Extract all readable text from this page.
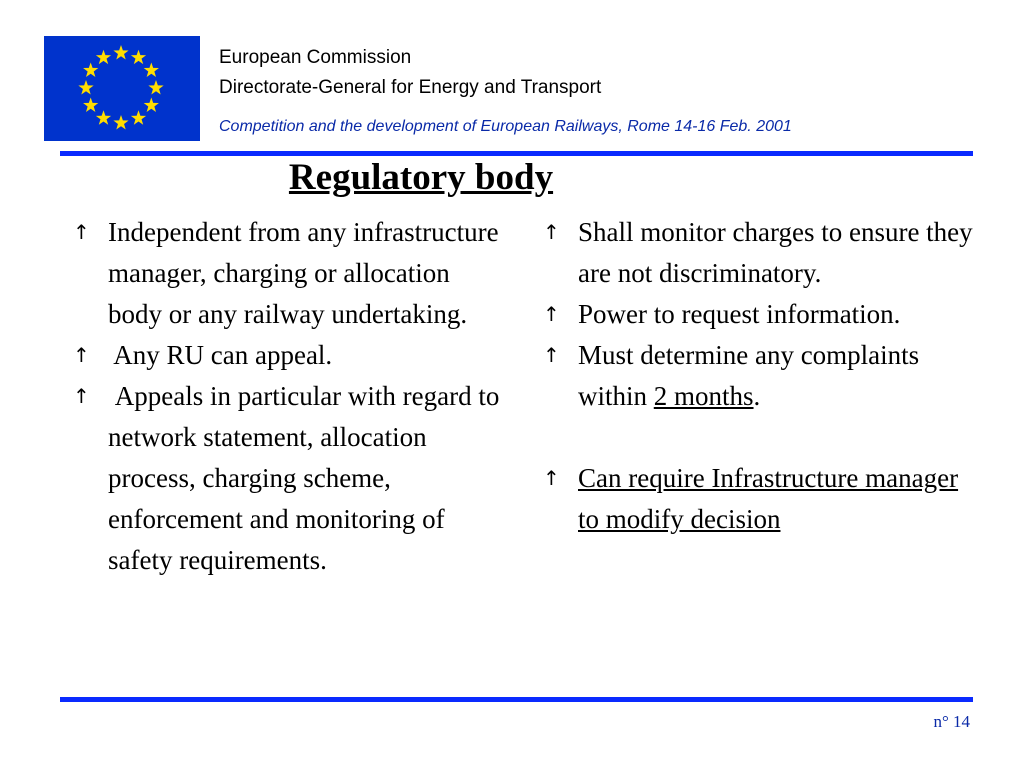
European Commission
Directorate-General for Energy and Transport
Competition and the development of European Railways, Rome 14-16 Feb. 2001
Regulatory body
↑ Independent from any infrastructure manager, charging or allocation body or any railway undertaking.
↑ Any RU can appeal.
↑ Appeals in particular with regard to network statement, allocation process, charging scheme, enforcement and monitoring of safety requirements.
↑ Shall monitor charges to ensure they are not discriminatory.
↑ Power to request information.
↑ Must determine any complaints within 2 months.
↑ Can require Infrastructure manager to modify decision
n° 14
